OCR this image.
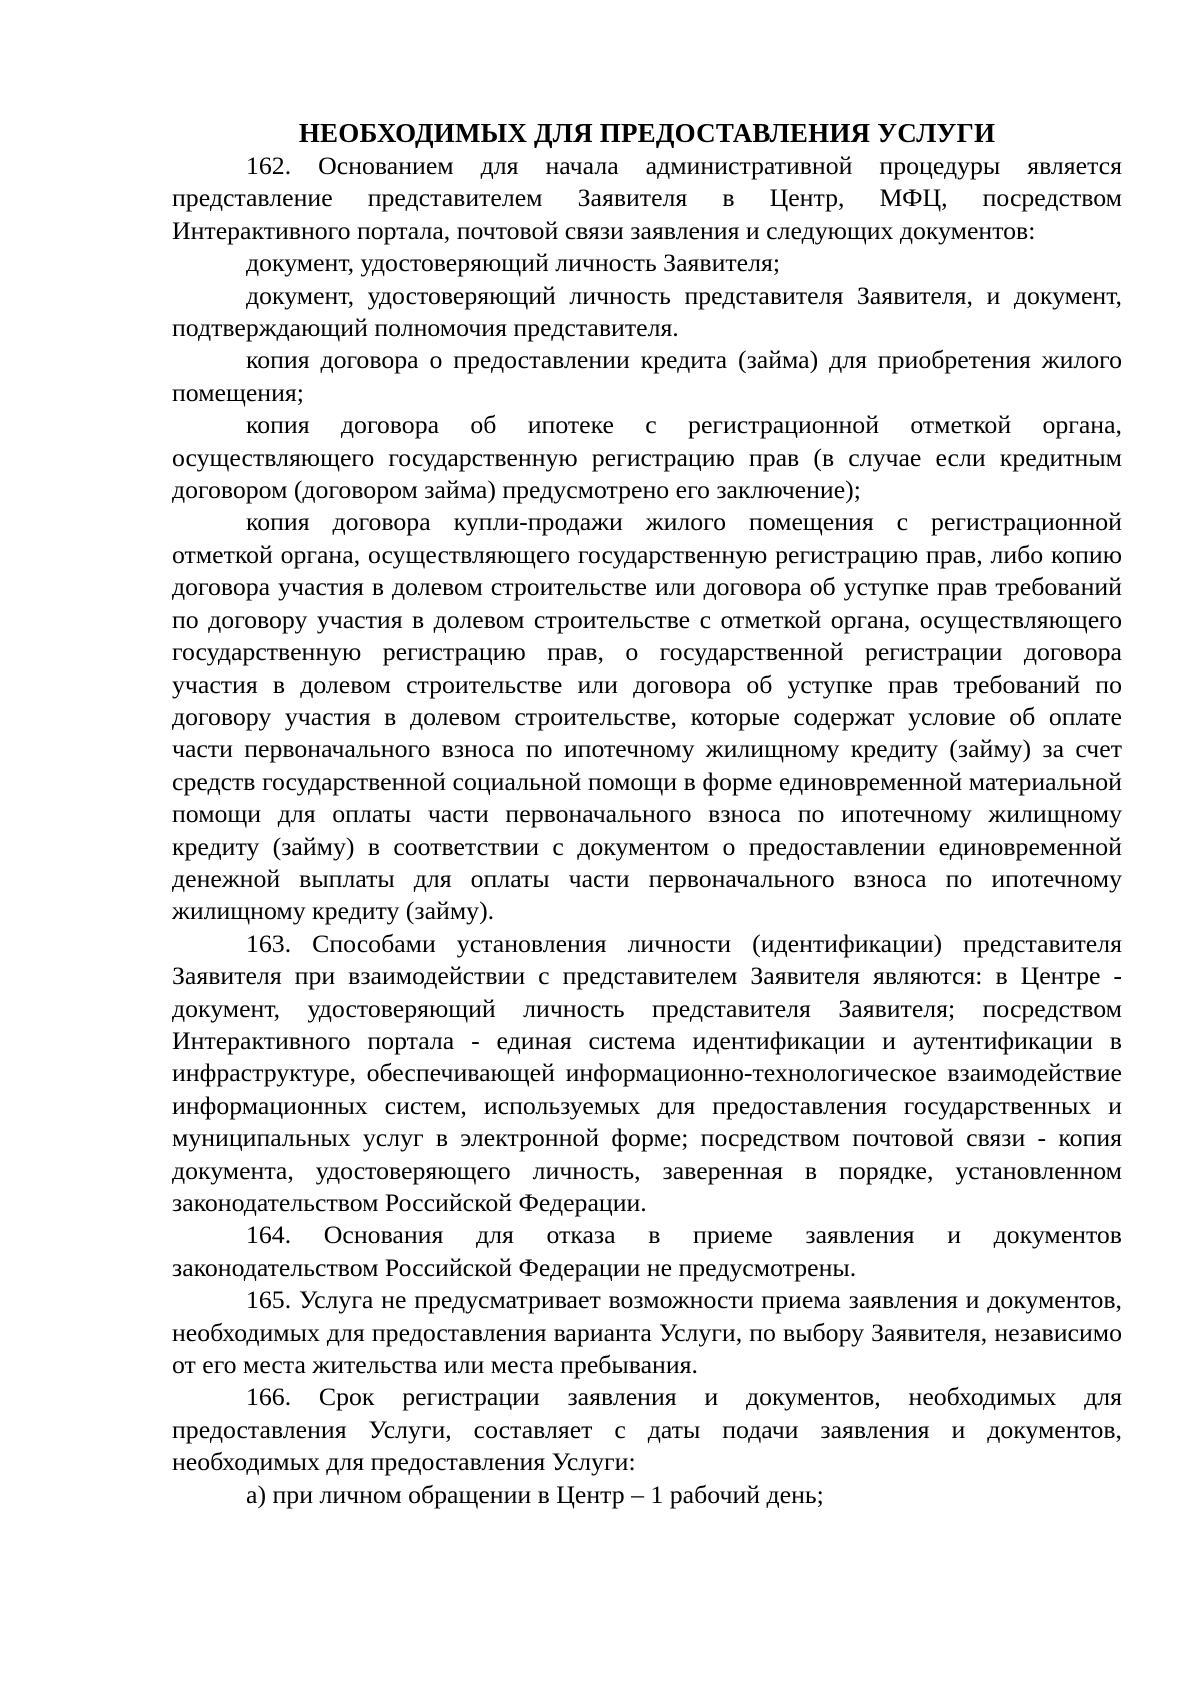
НЕОБХОДИМЫХ ДЛЯ ПРЕДОСТАВЛЕНИЯ УСЛУГИ

162. Основанием для начала административной процедуры является представление представителем Заявителя в Центр, МФЦ, посредством Интерактивного портала, почтовой связи заявления и следующих документов:

документ, удостоверяющий личность Заявителя;

документ, удостоверяющий личность представителя Заявителя, и документ, подтверждающий полномочия представителя.

копия договора о предоставлении кредита (займа) для приобретения жилого помещения;

копия договора об ипотеке с регистрационной отметкой органа, осуществляющего государственную регистрацию прав (в случае если кредитным договором (договором займа) предусмотрено его заключение);

копия договора купли-продажи жилого помещения с регистрационной отметкой органа, осуществляющего государственную регистрацию прав, либо копию договора участия в долевом строительстве или договора об уступке прав требований по договору участия в долевом строительстве с отметкой органа, осуществляющего государственную регистрацию прав, о государственной регистрации договора участия в долевом строительстве или договора об уступке прав требований по договору участия в долевом строительстве, которые содержат условие об оплате части первоначального взноса по ипотечному жилищному кредиту (займу) за счет средств государственной социальной помощи в форме единовременной материальной помощи для оплаты части первоначального взноса по ипотечному жилищному кредиту (займу) в соответствии с документом о предоставлении единовременной денежной выплаты для оплаты части первоначального взноса по ипотечному жилищному кредиту (займу).

163. Способами установления личности (идентификации) представителя Заявителя при взаимодействии с представителем Заявителя являются: в Центре - документ, удостоверяющий личность представителя Заявителя; посредством Интерактивного портала - единая система идентификации и аутентификации в инфраструктуре, обеспечивающей информационно-технологическое взаимодействие информационных систем, используемых для предоставления государственных и муниципальных услуг в электронной форме; посредством почтовой связи - копия документа, удостоверяющего личность, заверенная в порядке, установленном законодательством Российской Федерации.

164. Основания для отказа в приеме заявления и документов законодательством Российской Федерации не предусмотрены.

165. Услуга не предусматривает возможности приема заявления и документов, необходимых для предоставления варианта Услуги, по выбору Заявителя, независимо от его места жительства или места пребывания.

166. Срок регистрации заявления и документов, необходимых для предоставления Услуги, составляет с даты подачи заявления и документов, необходимых для предоставления Услуги:

а) при личном обращении в Центр – 1 рабочий день;
